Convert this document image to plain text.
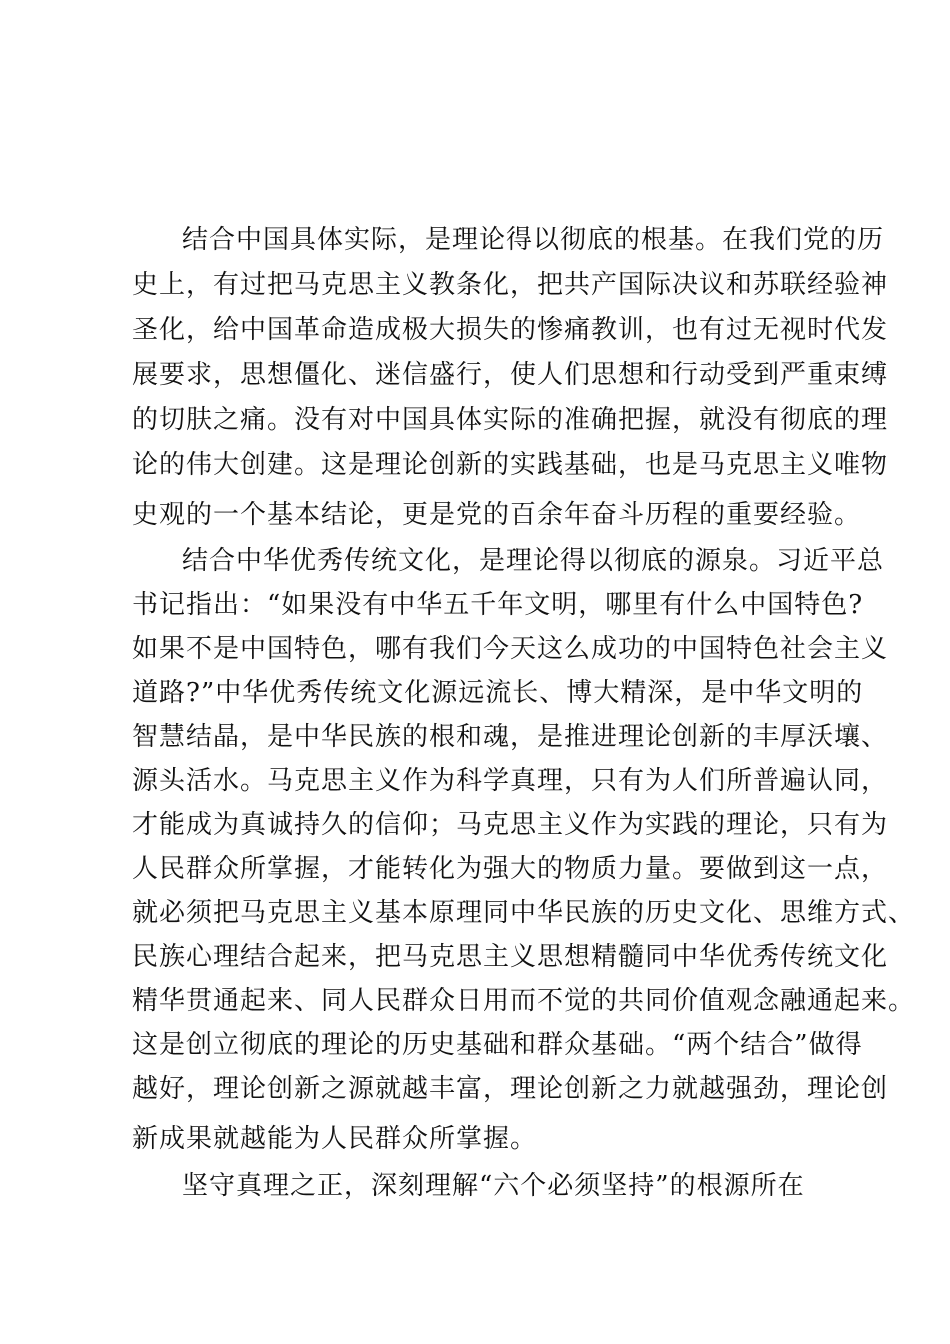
结合中国具体实际，是理论得以彻底的根基。在我们党的历
史上，有过把马克思主义教条化，把共产国际决议和苏联经验神
圣化，给中国革命造成极大损失的惨痛教训，也有过无视时代发
展要求，思想僵化、迷信盛行，使人们思想和行动受到严重束缚
的切肤之痛。没有对中国具体实际的准确把握，就没有彻底的理
论的伟大创建。这是理论创新的实践基础，也是马克思主义唯物
史观的一个基本结论，更是党的百余年奋斗历程的重要经验。
结合中华优秀传统文化，是理论得以彻底的源泉。习近平总
书记指出：“如果没有中华五千年文明，哪里有什么中国特色?
如果不是中国特色，哪有我们今天这么成功的中国特色社会主义
道路?”中华优秀传统文化源远流长、博大精深，是中华文明的
智慧结晶，是中华民族的根和魂，是推进理论创新的丰厚沃壤、
源头活水。马克思主义作为科学真理，只有为人们所普遍认同，
才能成为真诚持久的信仰；马克思主义作为实践的理论，只有为
人民群众所掌握，才能转化为强大的物质力量。要做到这一点，
就必须把马克思主义基本原理同中华民族的历史文化、思维方式、
民族心理结合起来，把马克思主义思想精髓同中华优秀传统文化
精华贯通起来、同人民群众日用而不觉的共同价值观念融通起来。
这是创立彻底的理论的历史基础和群众基础。“两个结合”做得
越好，理论创新之源就越丰富，理论创新之力就越强劲，理论创
新成果就越能为人民群众所掌握。
坚守真理之正，深刻理解“六个必须坚持”的根源所在
